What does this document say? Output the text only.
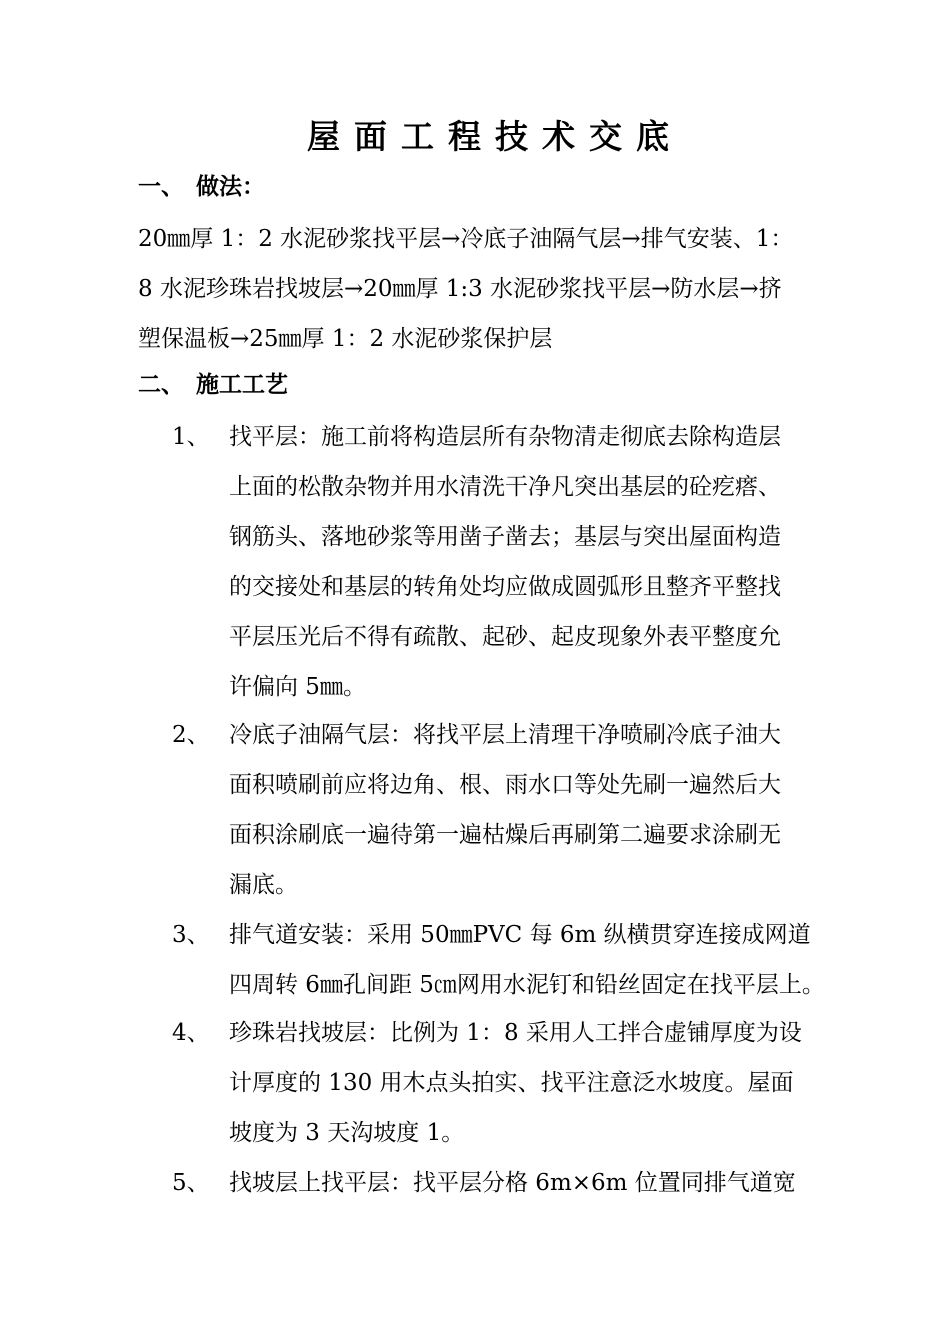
屋面工程技术交底
一、 做法：
20㎜厚 1：2 水泥砂浆找平层→冷底子油隔气层→排气安装、1：
8 水泥珍珠岩找坡层→20㎜厚 1:3 水泥砂浆找平层→防水层→挤
塑保温板→25㎜厚 1：2 水泥砂浆保护层
二、 施工工艺
1、 找平层：施工前将构造层所有杂物清走彻底去除构造层
上面的松散杂物并用水清洗干净凡突出基层的砼疙瘩、
钢筋头、落地砂浆等用凿子凿去；基层与突出屋面构造
的交接处和基层的转角处均应做成圆弧形且整齐平整找
平层压光后不得有疏散、起砂、起皮现象外表平整度允
许偏向 5㎜。
2、 冷底子油隔气层：将找平层上清理干净喷刷冷底子油大
面积喷刷前应将边角、根、雨水口等处先刷一遍然后大
面积涂刷底一遍待第一遍枯燥后再刷第二遍要求涂刷无
漏底。
3、 排气道安装：采用 50㎜PVC 每 6m 纵横贯穿连接成网道
四周转 6㎜孔间距 5㎝网用水泥钉和铅丝固定在找平层上。
4、 珍珠岩找坡层：比例为 1：8 采用人工拌合虚铺厚度为设
计厚度的 130 用木点头拍实、找平注意泛水坡度。屋面
坡度为 3 天沟坡度 1。
5、 找坡层上找平层：找平层分格 6m×6m 位置同排气道宽
